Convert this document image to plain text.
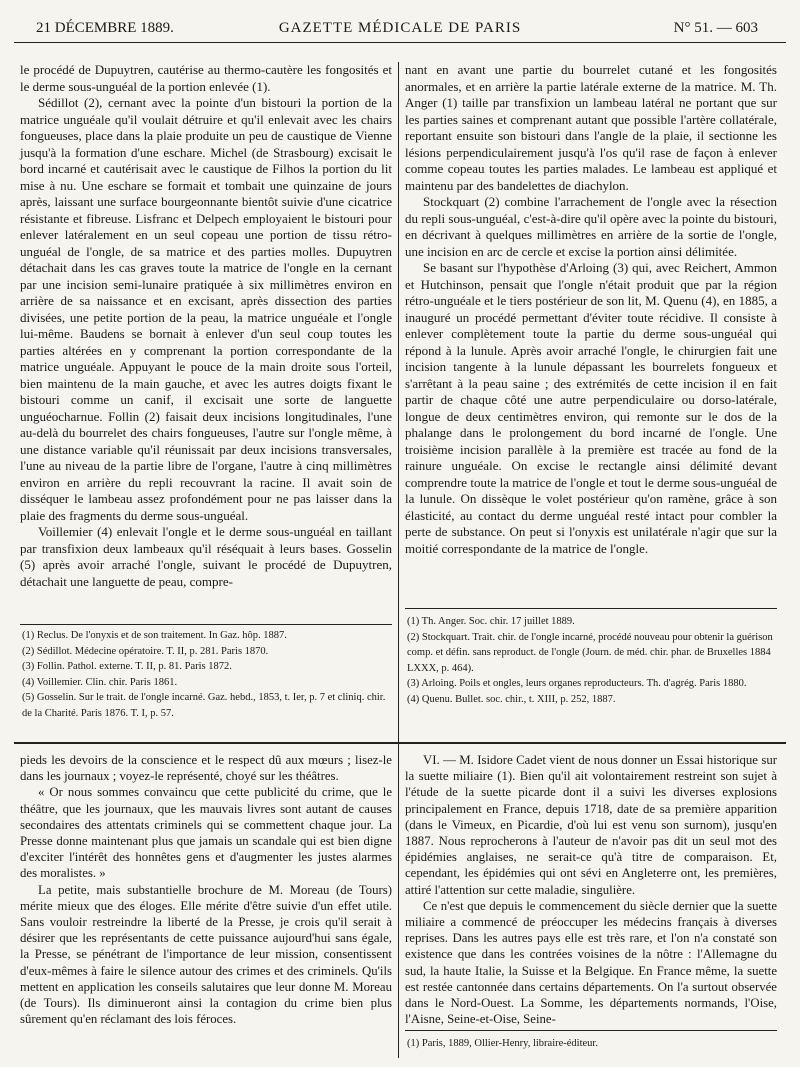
21 DÉCEMBRE 1889.	GAZETTE MÉDICALE DE PARIS	N° 51. — 603

le procédé de Dupuytren, cautérise au thermo-cautère les fongosités et le derme sous-unguéal de la portion enlevée (1).

Sédillot (2), cernant avec la pointe d'un bistouri la portion de la matrice unguéale qu'il voulait détruire et qu'il enlevait avec les chairs fongueuses, place dans la plaie produite un peu de caustique de Vienne jusqu'à la formation d'une eschare. Michel (de Strasbourg) excisait le bord incarné et cautérisait avec le caustique de Filhos la portion du lit mise à nu. Une eschare se formait et tombait une quinzaine de jours après, laissant une surface bourgeonnante bientôt suivie d'une cicatrice résistante et fibreuse. Lisfranc et Delpech employaient le bistouri pour enlever latéralement en un seul copeau une portion de tissu rétro-unguéal de l'ongle, de sa matrice et des parties molles. Dupuytren détachait dans les cas graves toute la matrice de l'ongle en la cernant par une incision semi-lunaire pratiquée à six millimètres environ en arrière de sa naissance et en excisant, après dissection des parties divisées, une petite portion de la peau, la matrice unguéale et l'ongle lui-même. Baudens se bornait à enlever d'un seul coup toutes les parties altérées en y comprenant la portion correspondante de la matrice unguéale. Appuyant le pouce de la main droite sous l'orteil, bien maintenu de la main gauche, et avec les autres doigts fixant le bistouri comme un canif, il excisait une sorte de languette unguéocharnue. Follin (2) faisait deux incisions longitudinales, l'une au-delà du bourrelet des chairs fongueuses, l'autre sur l'ongle même, à une distance variable qu'il réunissait par deux incisions transversales, l'une au niveau de la partie libre de l'organe, l'autre à cinq millimètres environ en arrière du repli recouvrant la racine. Il avait soin de disséquer le lambeau assez profondément pour ne pas laisser dans la plaie des fragments du derme sous-unguéal.

Voillemier (4) enlevait l'ongle et le derme sous-unguéal en taillant par transfixion deux lambeaux qu'il réséquait à leurs bases. Gosselin (5) après avoir arraché l'ongle, suivant le procédé de Dupuytren, détachait une languette de peau, compre-

nant en avant une partie du bourrelet cutané et les fongosités anormales, et en arrière la partie latérale externe de la matrice. M. Th. Anger (1) taille par transfixion un lambeau latéral ne portant que sur les parties saines et comprenant autant que possible l'artère collatérale, reportant ensuite son bistouri dans l'angle de la plaie, il sectionne les lésions perpendiculairement jusqu'à l'os qu'il rase de façon à enlever comme copeau toutes les parties malades. Le lambeau est appliqué et maintenu par des bandelettes de diachylon.

Stockquart (2) combine l'arrachement de l'ongle avec la résection du repli sous-unguéal, c'est-à-dire qu'il opère avec la pointe du bistouri, en décrivant à quelques millimètres en arrière de la sortie de l'ongle, une incision en arc de cercle et excise la portion ainsi délimitée.

Se basant sur l'hypothèse d'Arloing (3) qui, avec Reichert, Ammon et Hutchinson, pensait que l'ongle n'était produit que par la région rétro-unguéale et le tiers postérieur de son lit, M. Quenu (4), en 1885, a inauguré un procédé permettant d'éviter toute récidive. Il consiste à enlever complètement toute la partie du derme sous-unguéal qui répond à la lunule. Après avoir arraché l'ongle, le chirurgien fait une incision tangente à la lunule dépassant les bourrelets fongueux et s'arrêtant à la peau saine ; des extrémités de cette incision il en fait partir de chaque côté une autre perpendiculaire ou dorso-latérale, longue de deux centimètres environ, qui remonte sur le dos de la phalange dans le prolongement du bord incarné de l'ongle. Une troisième incision parallèle à la première est tracée au fond de la rainure unguéale. On excise le rectangle ainsi délimité devant comprendre toute la matrice de l'ongle et tout le derme sous-unguéal de la lunule. On dissèque le volet postérieur qu'on ramène, grâce à son élasticité, au contact du derme unguéal resté intact pour combler la perte de substance. On peut si l'onyxis est unilatérale n'agir que sur la moitié correspondante de la matrice de l'ongle.

(1) Reclus. De l'onyxis et de son traitement. In Gaz. hôp. 1887.

(2) Sédillot. Médecine opératoire. T. II, p. 281. Paris 1870.

(3) Follin. Pathol. externe. T. II, p. 81. Paris 1872.

(4) Voillemier. Clin. chir. Paris 1861.

(5) Gosselin. Sur le trait. de l'ongle incarné. Gaz. hebd., 1853, t. Ier, p. 7 et cliniq. chir. de la Charité. Paris 1876. T. I, p. 57.

(1) Th. Anger. Soc. chir. 17 juillet 1889.

(2) Stockquart. Trait. chir. de l'ongle incarné, procédé nouveau pour obtenir la guérison comp. et défin. sans reproduct. de l'ongle (Journ. de méd. chir. phar. de Bruxelles 1884 LXXX, p. 464).

(3) Arloing. Poils et ongles, leurs organes reproducteurs. Th. d'agrég. Paris 1880.

(4) Quenu. Bullet. soc. chir., t. XIII, p. 252, 1887.

pieds les devoirs de la conscience et le respect dû aux mœurs ; lisez-le dans les journaux ; voyez-le représenté, choyé sur les théâtres.

« Or nous sommes convaincu que cette publicité du crime, que le théâtre, que les journaux, que les mauvais livres sont autant de causes secondaires des attentats criminels qui se commettent chaque jour. La Presse donne maintenant plus que jamais un scandale qui est bien digne d'exciter l'intérêt des honnêtes gens et d'augmenter les justes alarmes des moralistes. »

La petite, mais substantielle brochure de M. Moreau (de Tours) mérite mieux que des éloges. Elle mérite d'être suivie d'un effet utile. Sans vouloir restreindre la liberté de la Presse, je crois qu'il serait à désirer que les représentants de cette puissance aujourd'hui sans égale, la Presse, se pénétrant de l'importance de leur mission, consentissent d'eux-mêmes à faire le silence autour des crimes et des criminels. Qu'ils mettent en application les conseils salutaires que leur donne M. Moreau (de Tours). Ils diminueront ainsi la contagion du crime bien plus sûrement qu'en réclamant des lois féroces.

VI. — M. Isidore Cadet vient de nous donner un Essai historique sur la suette miliaire (1). Bien qu'il ait volontairement restreint son sujet à l'étude de la suette picarde dont il a suivi les diverses explosions principalement en France, depuis 1718, date de sa première apparition (dans le Vimeux, en Picardie, d'où lui est venu son surnom), jusqu'en 1887. Nous reprocherons à l'auteur de n'avoir pas dit un seul mot des épidémies anglaises, ne serait-ce qu'à titre de comparaison. Et, cependant, les épidémies qui ont sévi en Angleterre ont, les premières, attiré l'attention sur cette maladie, singulière.

Ce n'est que depuis le commencement du siècle dernier que la suette miliaire a commencé de préoccuper les médecins français à diverses reprises. Dans les autres pays elle est très rare, et l'on n'a constaté son existence que dans les contrées voisines de la nôtre : l'Allemagne du sud, la haute Italie, la Suisse et la Belgique. En France même, la suette est restée cantonnée dans certains départements. On l'a surtout observée dans le Nord-Ouest. La Somme, les départements normands, l'Oise, l'Aisne, Seine-et-Oise, Seine-

(1) Paris, 1889, Ollier-Henry, libraire-éditeur.
